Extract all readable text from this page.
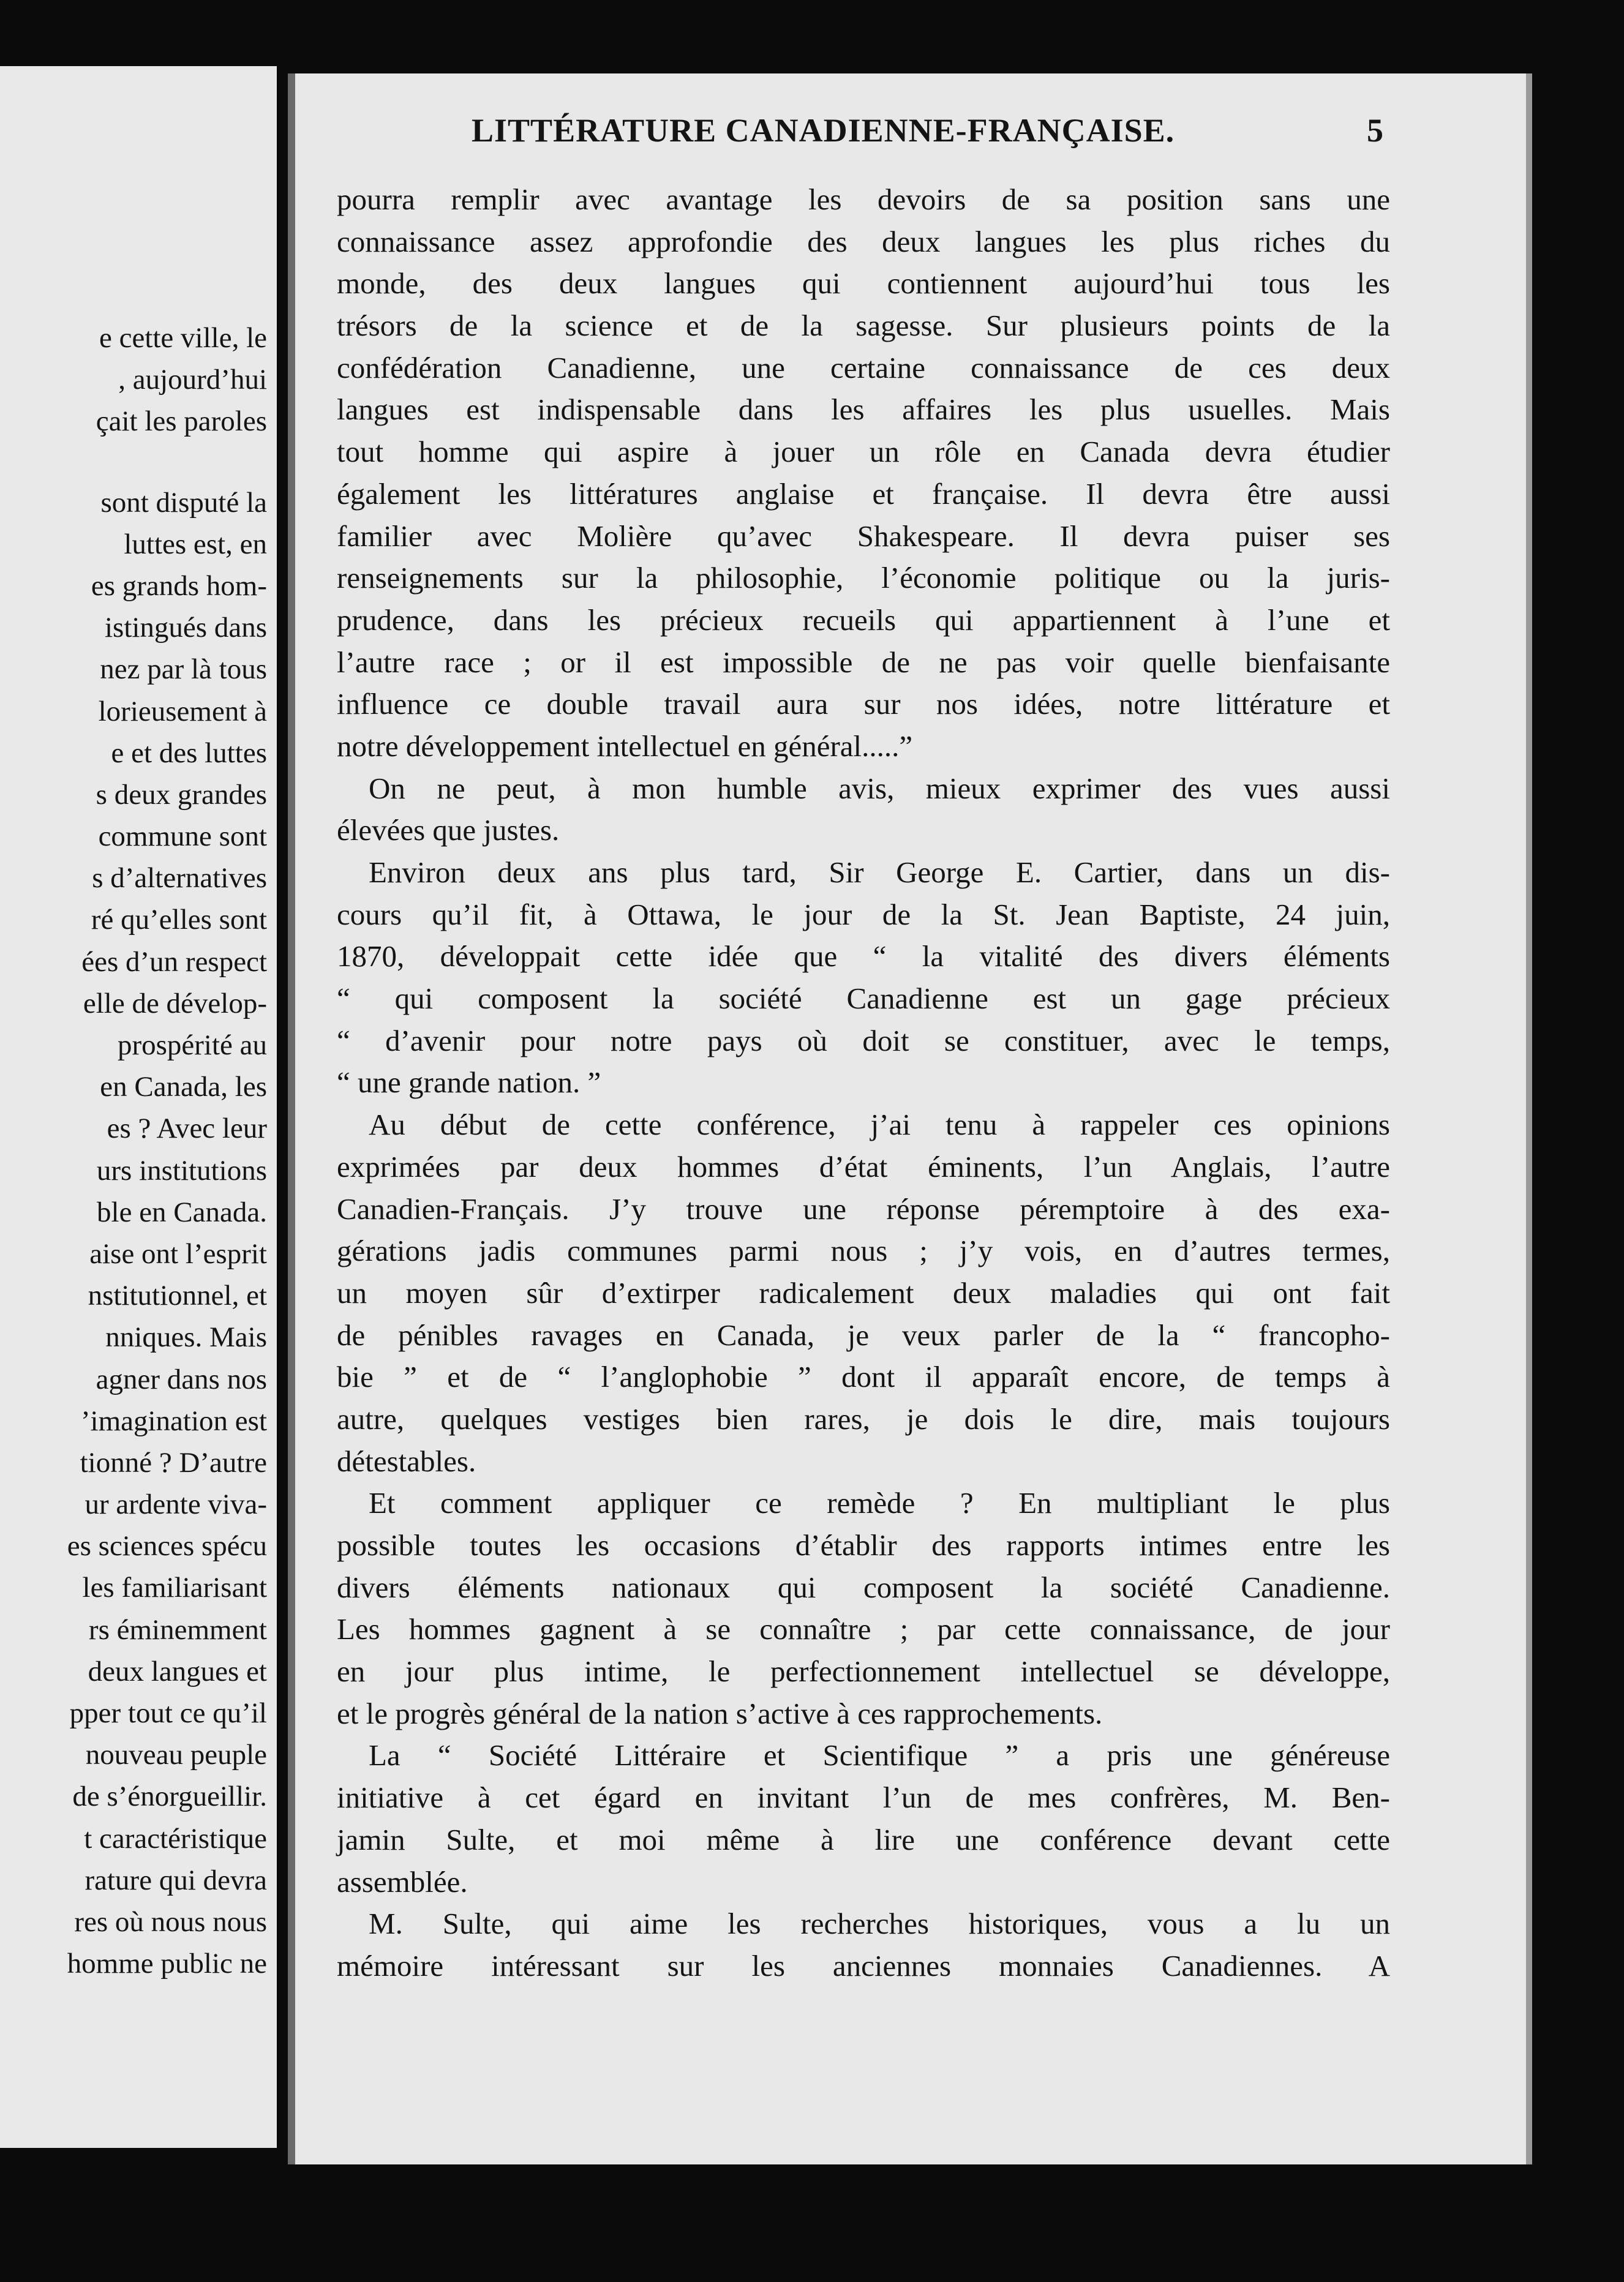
e cette ville, le
, aujourd’hui
çait les paroles
sont disputé la
luttes est, en
es grands hom-
istingués dans
nez par là tous
lorieusement à
e et des luttes
s deux grandes
commune sont
s d’alternatives
ré qu’elles sont
ées d’un respect
elle de dévelop-
prospérité au
en Canada, les
es ? Avec leur
urs institutions
ble en Canada.
aise ont l’esprit
nstitutionnel, et
nniques. Mais
agner dans nos
’imagination est
tionné ? D’autre
ur ardente viva-
es sciences spécu
les familiarisant
rs éminemment
deux langues et
pper tout ce qu’il
nouveau peuple
de s’énorgueillir.
t caractéristique
rature qui devra
res où nous nous
homme public ne
LITTÉRATURE CANADIENNE-FRANÇAISE.	5
pourra remplir avec avantage les devoirs de sa position sans une
connaissance assez approfondie des deux langues les plus riches du
monde, des deux langues qui contiennent aujourd’hui tous les
trésors de la science et de la sagesse. Sur plusieurs points de la
confédération Canadienne, une certaine connaissance de ces deux
langues est indispensable dans les affaires les plus usuelles. Mais
tout homme qui aspire à jouer un rôle en Canada devra étudier
également les littératures anglaise et française. Il devra être aussi
familier avec Molière qu’avec Shakespeare. Il devra puiser ses
renseignements sur la philosophie, l’économie politique ou la juris-
prudence, dans les précieux recueils qui appartiennent à l’une et
l’autre race ; or il est impossible de ne pas voir quelle bienfaisante
influence ce double travail aura sur nos idées, notre littérature et
notre développement intellectuel en général.....”
On ne peut, à mon humble avis, mieux exprimer des vues aussi
élevées que justes.
Environ deux ans plus tard, Sir George E. Cartier, dans un dis-
cours qu’il fit, à Ottawa, le jour de la St. Jean Baptiste, 24 juin,
1870, développait cette idée que “ la vitalité des divers éléments
“ qui composent la société Canadienne est un gage précieux
“ d’avenir pour notre pays où doit se constituer, avec le temps,
“ une grande nation. ”
Au début de cette conférence, j’ai tenu à rappeler ces opinions
exprimées par deux hommes d’état éminents, l’un Anglais, l’autre
Canadien-Français. J’y trouve une réponse péremptoire à des exa-
gérations jadis communes parmi nous ; j’y vois, en d’autres termes,
un moyen sûr d’extirper radicalement deux maladies qui ont fait
de pénibles ravages en Canada, je veux parler de la “ francopho-
bie ” et de “ l’anglophobie ” dont il apparaît encore, de temps à
autre, quelques vestiges bien rares, je dois le dire, mais toujours
détestables.
Et comment appliquer ce remède ? En multipliant le plus
possible toutes les occasions d’établir des rapports intimes entre les
divers éléments nationaux qui composent la société Canadienne.
Les hommes gagnent à se connaître ; par cette connaissance, de jour
en jour plus intime, le perfectionnement intellectuel se développe,
et le progrès général de la nation s’active à ces rapprochements.
La “ Société Littéraire et Scientifique ” a pris une généreuse
initiative à cet égard en invitant l’un de mes confrères, M. Ben-
jamin Sulte, et moi même à lire une conférence devant cette
assemblée.
M. Sulte, qui aime les recherches historiques, vous a lu un
mémoire intéressant sur les anciennes monnaies Canadiennes. A
